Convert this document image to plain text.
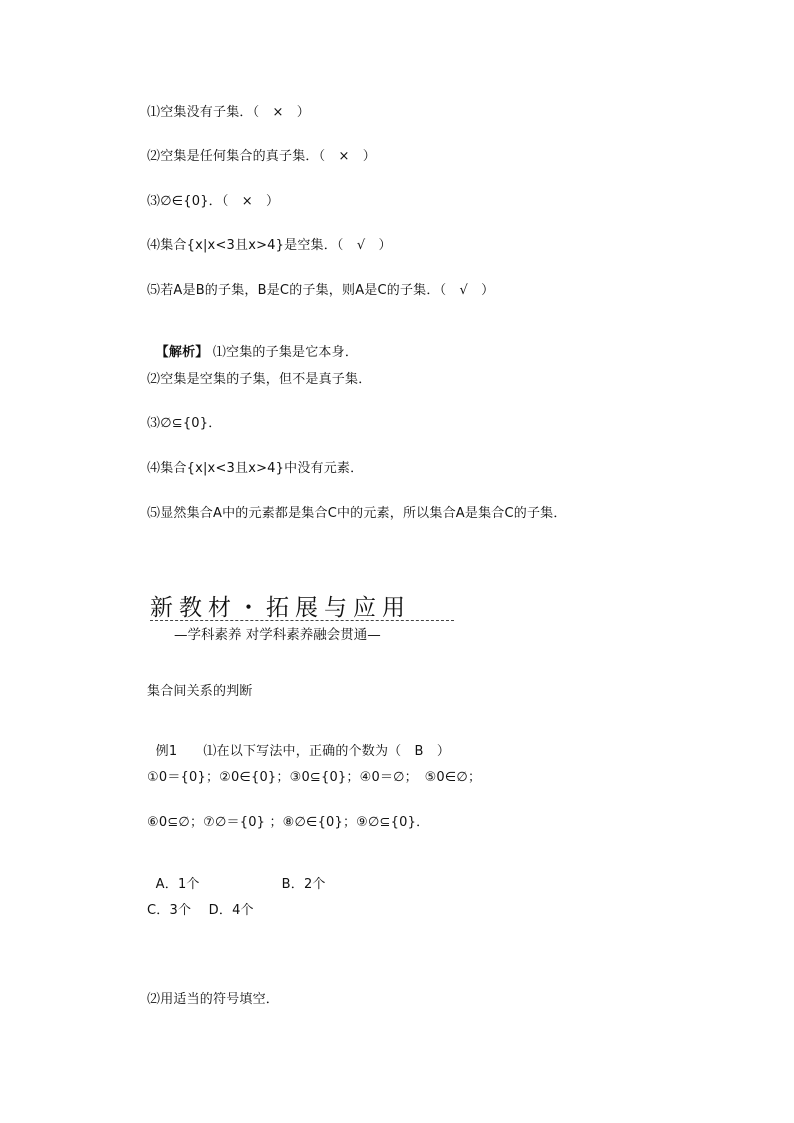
⑴空集没有子集．（　×　）
⑵空集是任何集合的真子集．（　×　）
⑶∅∈{0}．（　×　）
⑷集合{x|x<3且x>4}是空集．（　√　）
⑸若A是B的子集，B是C的子集，则A是C的子集．（　√　）

【解析】 ⑴空集的子集是它本身．

⑵空集是空集的子集，但不是真子集．
⑶∅⊆{0}．
⑷集合{x|x<3且x>4}中没有元素．
⑸显然集合A中的元素都是集合C中的元素，所以集合A是集合C的子集．
新教材・拓展与应用
—学科素养 对学科素养融会贯通—
集合间关系的判断

例1 ⑴在以下写法中，正确的个数为（　B　）

①0＝{0}；②0∈{0}；③0⊆{0}；④0＝∅；　⑤0∈∅；
⑥0⊆∅；⑦∅＝{0} ；⑧∅∈{0}；⑨∅⊆{0}．

A．1个	B．2个

C．3个　 D．4个
⑵用适当的符号填空．
